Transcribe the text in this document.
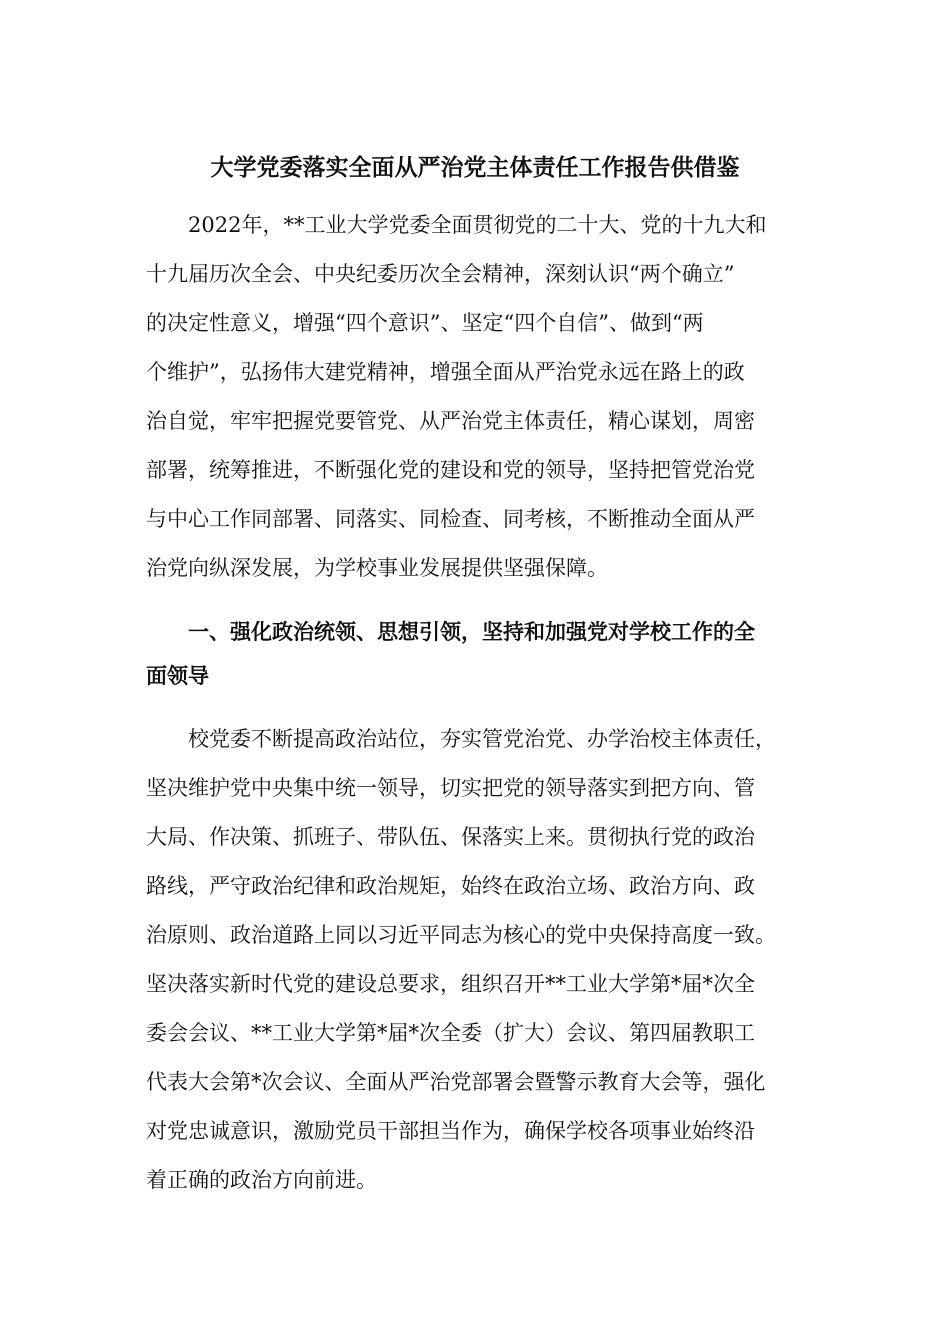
大学党委落实全面从严治党主体责任工作报告供借鉴
2022年，**工业大学党委全面贯彻党的二十大、党的十九大和
十九届历次全会、中央纪委历次全会精神，深刻认识“两个确立”
的决定性意义，增强“四个意识”、坚定“四个自信”、做到“两
个维护”，弘扬伟大建党精神，增强全面从严治党永远在路上的政
治自觉，牢牢把握党要管党、从严治党主体责任，精心谋划，周密
部署，统筹推进，不断强化党的建设和党的领导，坚持把管党治党
与中心工作同部署、同落实、同检查、同考核，不断推动全面从严
治党向纵深发展，为学校事业发展提供坚强保障。
一、强化政治统领、思想引领，坚持和加强党对学校工作的全
面领导
校党委不断提高政治站位，夯实管党治党、办学治校主体责任，
坚决维护党中央集中统一领导，切实把党的领导落实到把方向、管
大局、作决策、抓班子、带队伍、保落实上来。贯彻执行党的政治
路线，严守政治纪律和政治规矩，始终在政治立场、政治方向、政
治原则、政治道路上同以习近平同志为核心的党中央保持高度一致。
坚决落实新时代党的建设总要求，组织召开**工业大学第*届*次全
委会会议、**工业大学第*届*次全委（扩大）会议、第四届教职工
代表大会第*次会议、全面从严治党部署会暨警示教育大会等，强化
对党忠诚意识，激励党员干部担当作为，确保学校各项事业始终沿
着正确的政治方向前进。
